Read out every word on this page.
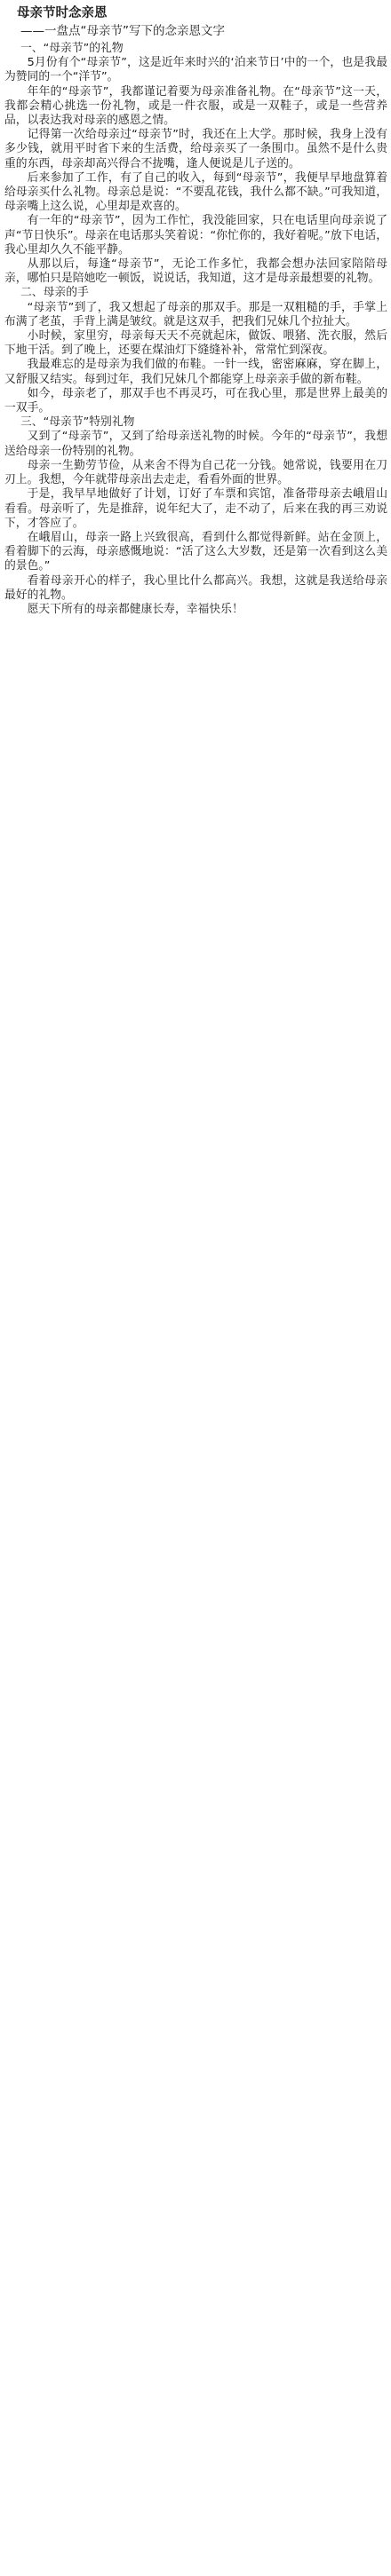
母亲节时念亲恩
——一盘点“母亲节”写下的念亲恩文字
一、“母亲节”的礼物

5月份有个“母亲节”，这是近年来时兴的‘泊来节日’中的一个，也是我最为赞同的一个“洋节”。

年年的“母亲节”，我都谨记着要为母亲准备礼物。在“母亲节”这一天，我都会精心挑选一份礼物，或是一件衣服，或是一双鞋子，或是一些营养品，以表达我对母亲的感恩之情。

记得第一次给母亲过“母亲节”时，我还在上大学。那时候，我身上没有多少钱，就用平时省下来的生活费，给母亲买了一条围巾。虽然不是什么贵重的东西，母亲却高兴得合不拢嘴，逢人便说是儿子送的。

后来参加了工作，有了自己的收入，每到“母亲节”，我便早早地盘算着给母亲买什么礼物。母亲总是说：“不要乱花钱，我什么都不缺。”可我知道，母亲嘴上这么说，心里却是欢喜的。

有一年的“母亲节”，因为工作忙，我没能回家，只在电话里向母亲说了声“节日快乐”。母亲在电话那头笑着说：“你忙你的，我好着呢。”放下电话，我心里却久久不能平静。

从那以后，每逢“母亲节”，无论工作多忙，我都会想办法回家陪陪母亲，哪怕只是陪她吃一顿饭，说说话，我知道，这才是母亲最想要的礼物。

二、母亲的手

“母亲节”到了，我又想起了母亲的那双手。那是一双粗糙的手，手掌上布满了老茧，手背上满是皱纹。就是这双手，把我们兄妹几个拉扯大。

小时候，家里穷，母亲每天天不亮就起床，做饭、喂猪、洗衣服，然后下地干活。到了晚上，还要在煤油灯下缝缝补补，常常忙到深夜。

我最难忘的是母亲为我们做的布鞋。一针一线，密密麻麻，穿在脚上，又舒服又结实。每到过年，我们兄妹几个都能穿上母亲亲手做的新布鞋。

如今，母亲老了，那双手也不再灵巧，可在我心里，那是世界上最美的一双手。

三、“母亲节”特别礼物

又到了“母亲节”，又到了给母亲送礼物的时候。今年的“母亲节”，我想送给母亲一份特别的礼物。

母亲一生勤劳节俭，从来舍不得为自己花一分钱。她常说，钱要用在刀刃上。我想，今年就带母亲出去走走，看看外面的世界。

于是，我早早地做好了计划，订好了车票和宾馆，准备带母亲去峨眉山看看。母亲听了，先是推辞，说年纪大了，走不动了，后来在我的再三劝说下，才答应了。

在峨眉山，母亲一路上兴致很高，看到什么都觉得新鲜。站在金顶上，看着脚下的云海，母亲感慨地说：“活了这么大岁数，还是第一次看到这么美的景色。”

看着母亲开心的样子，我心里比什么都高兴。我想，这就是我送给母亲最好的礼物。

愿天下所有的母亲都健康长寿，幸福快乐！
